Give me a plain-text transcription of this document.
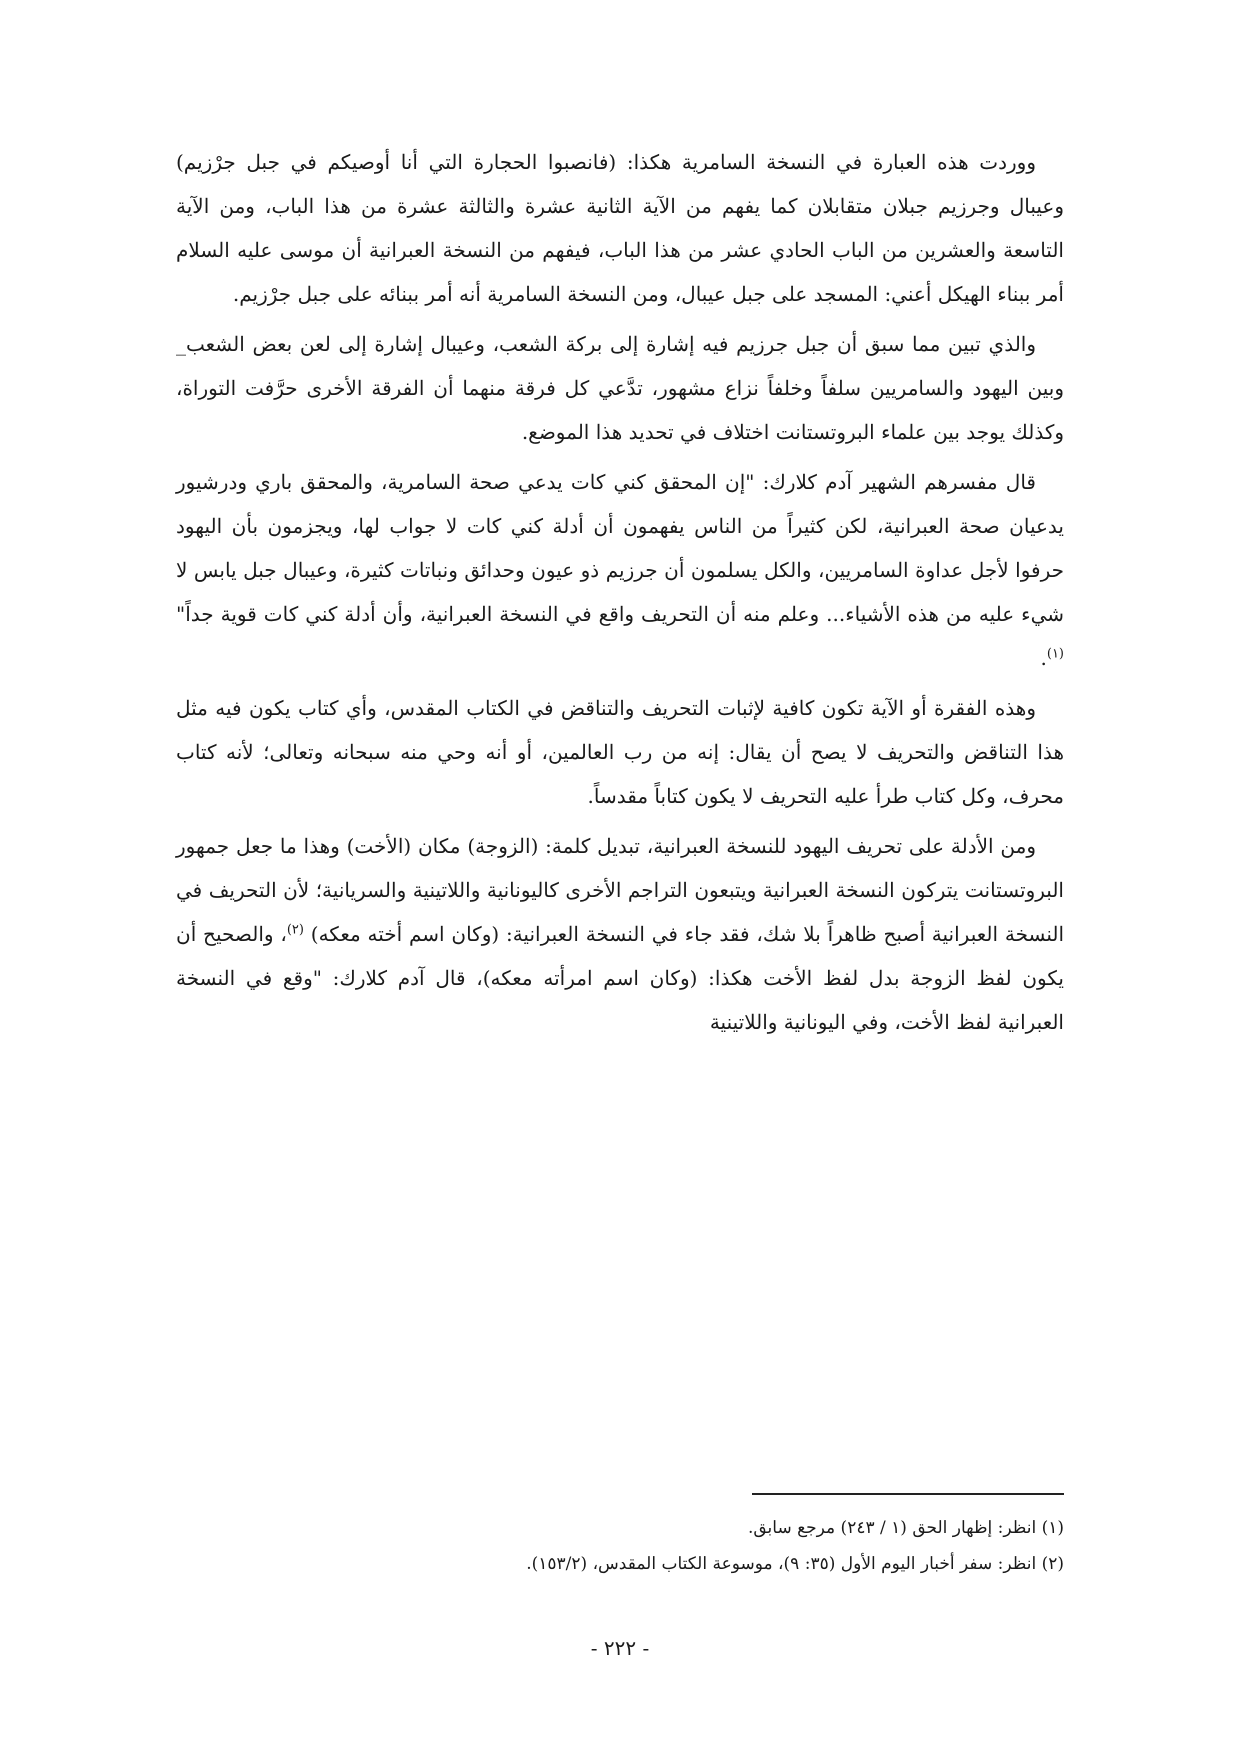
ووردت هذه العبارة في النسخة السامرية هكذا: (فانصبوا الحجارة التي أنا أوصيكم في جبل جرْزيم) وعيبال وجرزيم جبلان متقابلان كما يفهم من الآية الثانية عشرة والثالثة عشرة من هذا الباب، ومن الآية التاسعة والعشرين من الباب الحادي عشر من هذا الباب، فيفهم من النسخة العبرانية أن موسى عليه السلام أمر ببناء الهيكل أعني: المسجد على جبل عيبال، ومن النسخة السامرية أنه أمر ببنائه على جبل جرْزيم.

والذي تبين مما سبق أن جبل جرزيم فيه إشارة إلى بركة الشعب، وعيبال إشارة إلى لعن بعض الشعب_ وبين اليهود والسامريين سلفاً وخلفاً نزاع مشهور، تدَّعي كل فرقة منهما أن الفرقة الأخرى حرَّفت التوراة، وكذلك يوجد بين علماء البروتستانت اختلاف في تحديد هذا الموضع.

قال مفسرهم الشهير آدم كلارك: "إن المحقق كني كات يدعي صحة السامرية، والمحقق باري ودرشيور يدعيان صحة العبرانية، لكن كثيراً من الناس يفهمون أن أدلة كني كات لا جواب لها، ويجزمون بأن اليهود حرفوا لأجل عداوة السامريين، والكل يسلمون أن جرزيم ذو عيون وحدائق ونباتات كثيرة، وعيبال جبل يابس لا شيء عليه من هذه الأشياء... وعلم منه أن التحريف واقع في النسخة العبرانية، وأن أدلة كني كات قوية جداً"$^{(١)}$.

وهذه الفقرة أو الآية تكون كافية لإثبات التحريف والتناقض في الكتاب المقدس، وأي كتاب يكون فيه مثل هذا التناقض والتحريف لا يصح أن يقال: إنه من رب العالمين، أو أنه وحي منه سبحانه وتعالى؛ لأنه كتاب محرف، وكل كتاب طرأ عليه التحريف لا يكون كتاباً مقدساً.

ومن الأدلة على تحريف اليهود للنسخة العبرانية، تبديل كلمة: (الزوجة) مكان (الأخت) وهذا ما جعل جمهور البروتستانت يتركون النسخة العبرانية ويتبعون التراجم الأخرى كاليونانية واللاتينية والسريانية؛ لأن التحريف في النسخة العبرانية أصبح ظاهراً بلا شك، فقد جاء في النسخة العبرانية: (وكان اسم أخته معكه) $^{(٢)}$، والصحيح أن يكون لفظ الزوجة بدل لفظ الأخت هكذا: (وكان اسم امرأته معكه)، قال آدم كلارك: "وقع في النسخة العبرانية لفظ الأخت، وفي اليونانية واللاتينية

(١) انظر: إظهار الحق (١ / ٢٤٣) مرجع سابق.

(٢) انظر: سفر أخبار اليوم الأول (٣٥: ٩)، موسوعة الكتاب المقدس، (١٥٣/٢).

- ٢٢٢ -
